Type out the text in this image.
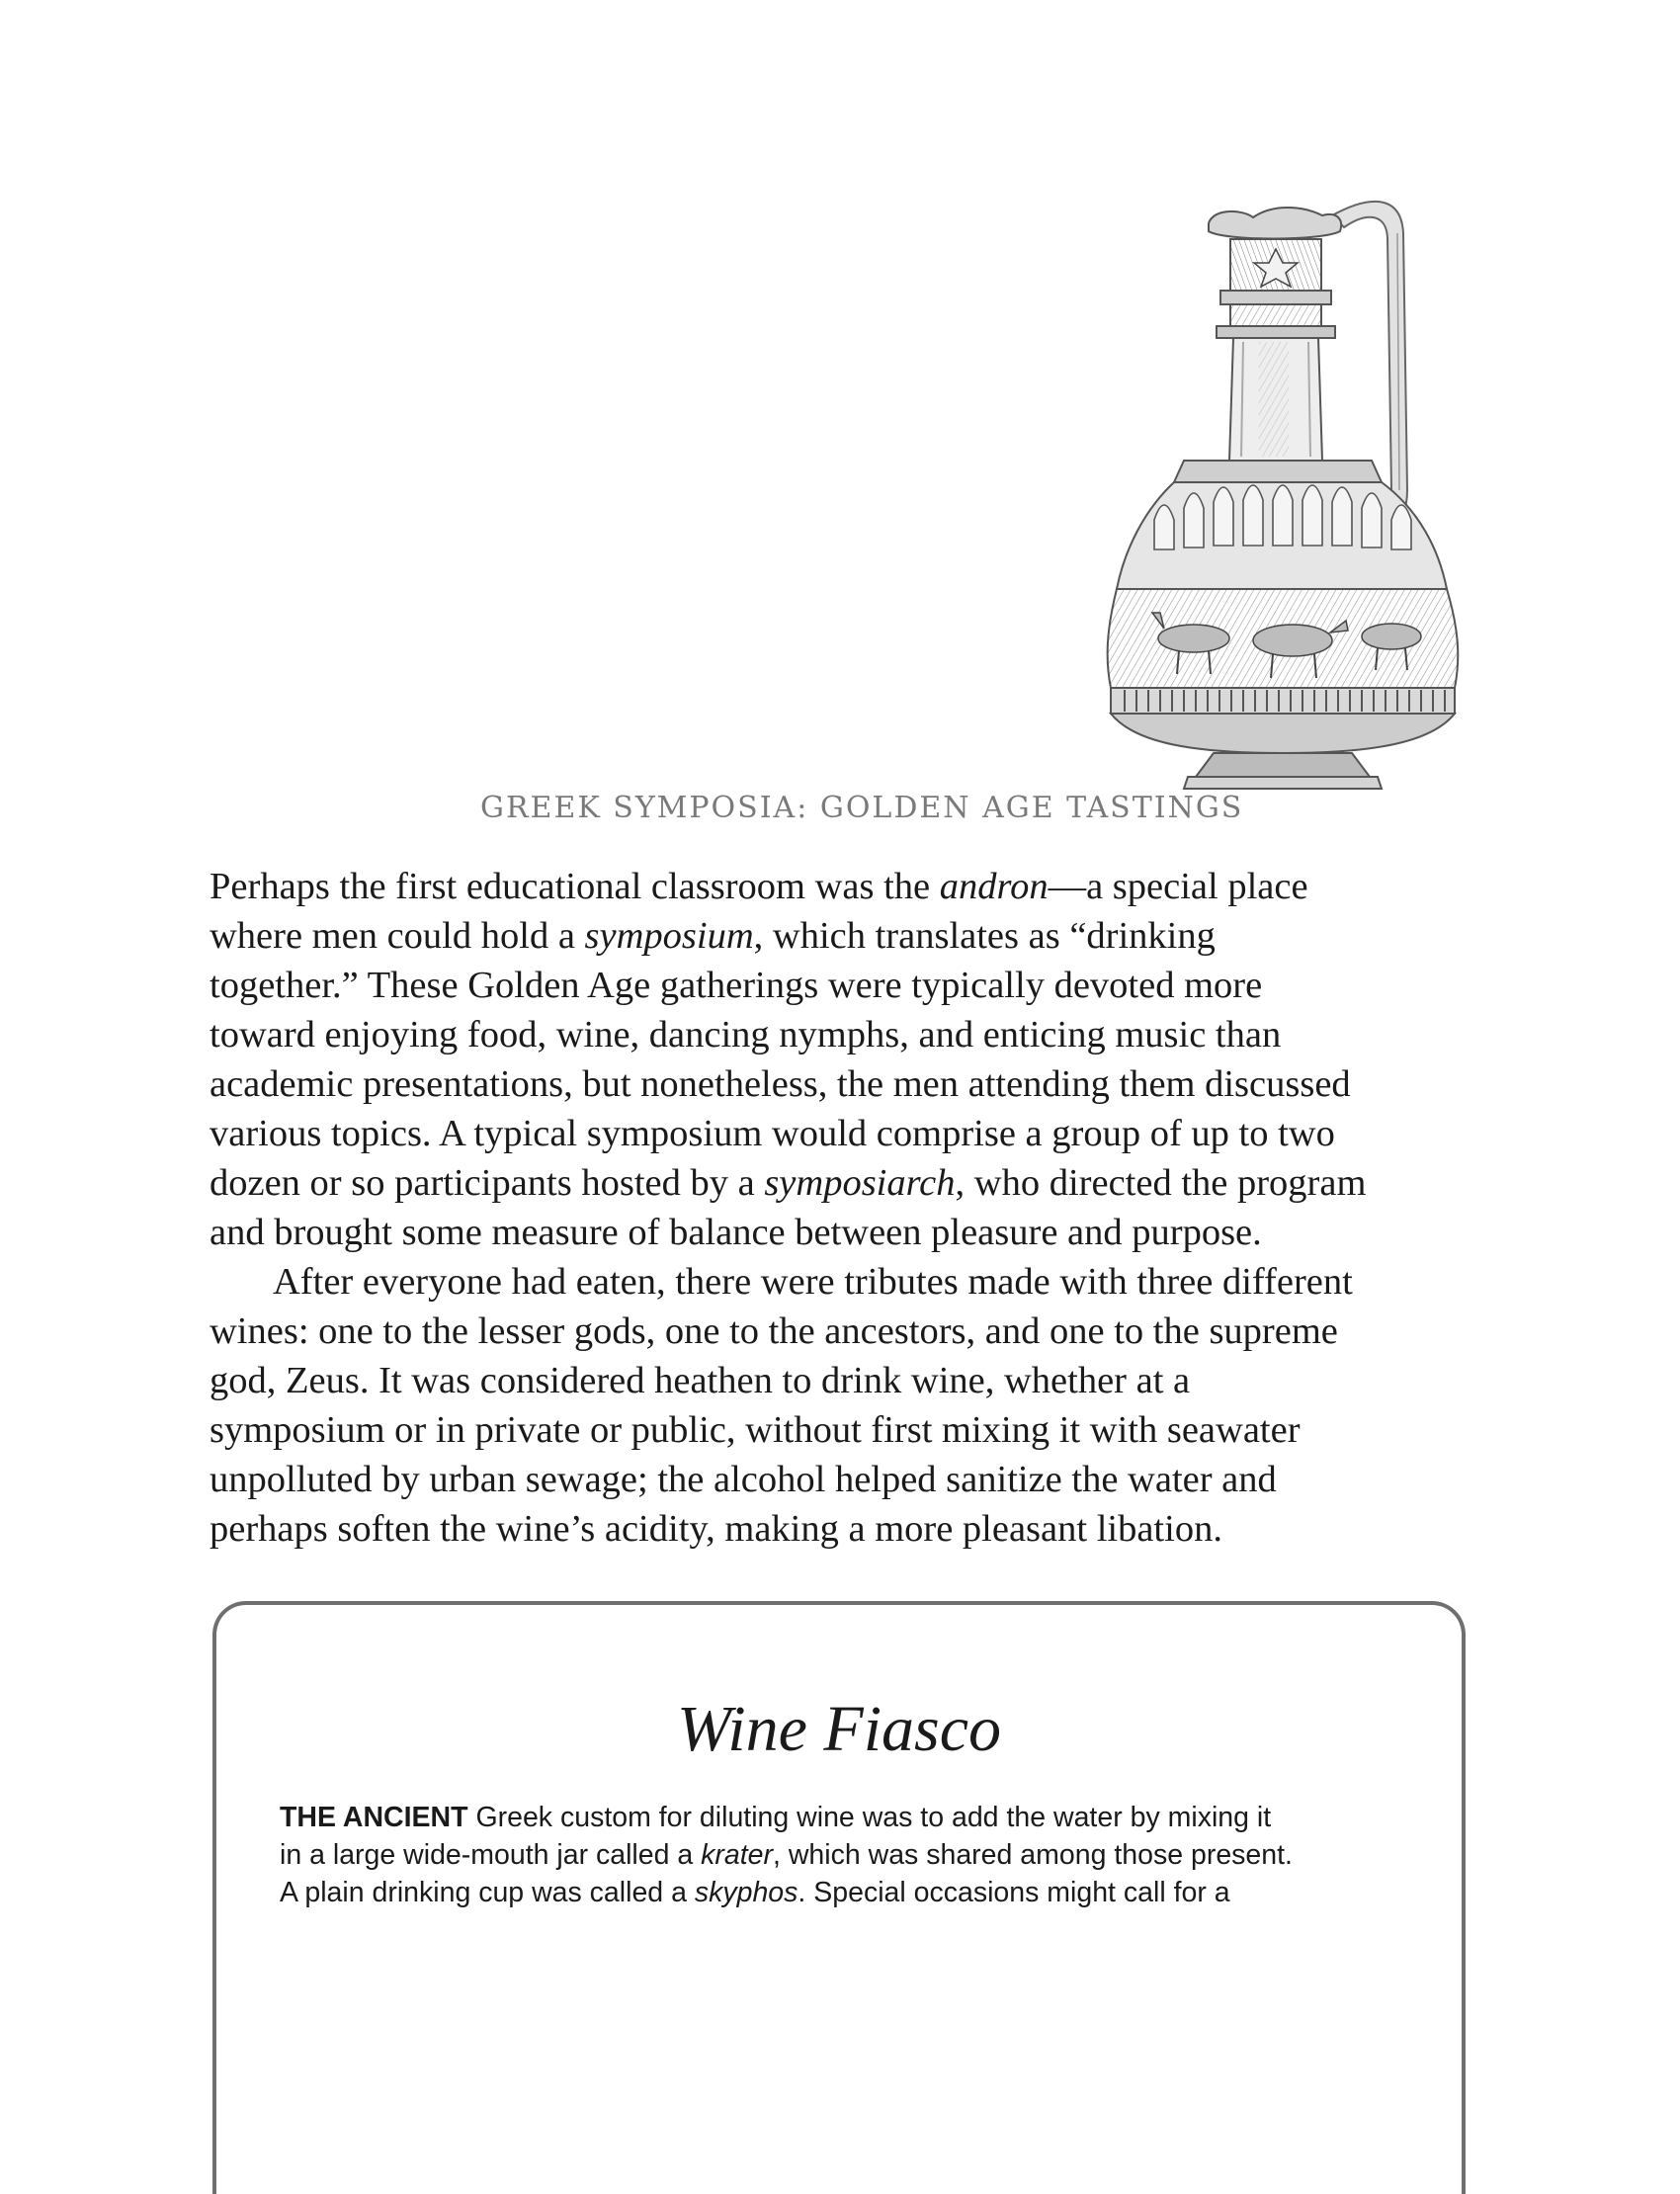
GREEK SYMPOSIA: GOLDEN AGE TASTINGS
Perhaps the first educational classroom was the andron—a special place
where men could hold a symposium, which translates as “drinking
together.” These Golden Age gatherings were typically devoted more
toward enjoying food, wine, dancing nymphs, and enticing music than
academic presentations, but nonetheless, the men attending them discussed
various topics. A typical symposium would comprise a group of up to two
dozen or so participants hosted by a symposiarch, who directed the program
and brought some measure of balance between pleasure and purpose.
After everyone had eaten, there were tributes made with three different
wines: one to the lesser gods, one to the ancestors, and one to the supreme
god, Zeus. It was considered heathen to drink wine, whether at a
symposium or in private or public, without first mixing it with seawater
unpolluted by urban sewage; the alcohol helped sanitize the water and
perhaps soften the wine’s acidity, making a more pleasant libation.
Wine Fiasco
THE ANCIENT Greek custom for diluting wine was to add the water by mixing it
in a large wide-mouth jar called a krater, which was shared among those present.
A plain drinking cup was called a skyphos. Special occasions might call for a
